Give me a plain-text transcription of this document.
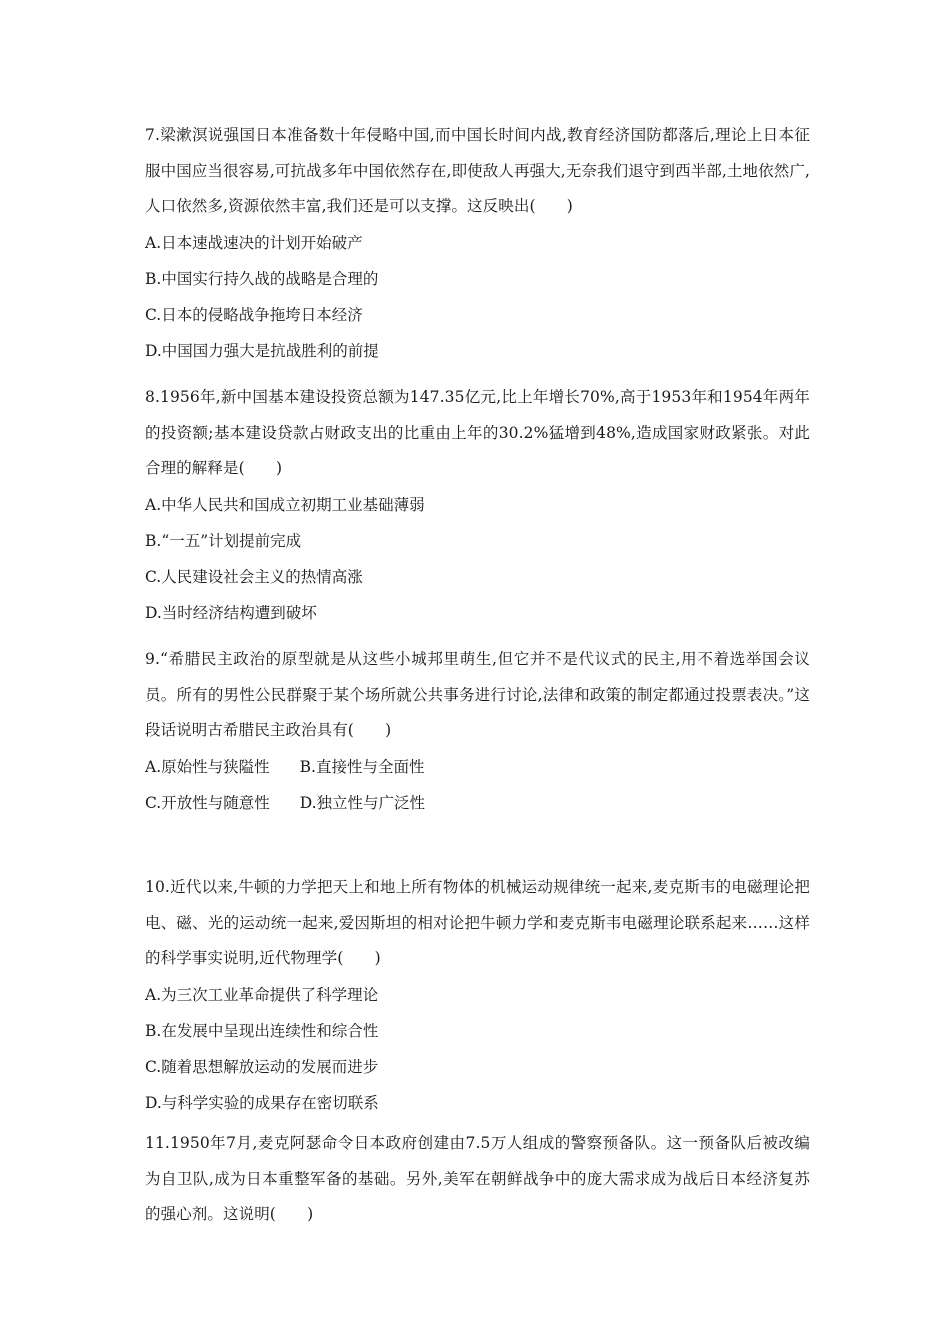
7.梁漱溟说强国日本准备数十年侵略中国,而中国长时间内战,教育经济国防都落后,理论上日本征服中国应当很容易,可抗战多年中国依然存在,即使敌人再强大,无奈我们退守到西半部,土地依然广,人口依然多,资源依然丰富,我们还是可以支撑。这反映出(　　)

A.日本速战速决的计划开始破产

B.中国实行持久战的战略是合理的

C.日本的侵略战争拖垮日本经济

D.中国国力强大是抗战胜利的前提

8.1956年,新中国基本建设投资总额为147.35亿元,比上年增长70%,高于1953年和1954年两年的投资额;基本建设贷款占财政支出的比重由上年的30.2%猛增到48%,造成国家财政紧张。对此合理的解释是(　　)

A.中华人民共和国成立初期工业基础薄弱

B.“一五”计划提前完成

C.人民建设社会主义的热情高涨

D.当时经济结构遭到破坏

9.“希腊民主政治的原型就是从这些小城邦里萌生,但它并不是代议式的民主,用不着选举国会议员。所有的男性公民群聚于某个场所就公共事务进行讨论,法律和政策的制定都通过投票表决。”这段话说明古希腊民主政治具有(　　)

A.原始性与狭隘性 B.直接性与全面性

C.开放性与随意性 D.独立性与广泛性

10.近代以来,牛顿的力学把天上和地上所有物体的机械运动规律统一起来,麦克斯韦的电磁理论把电、磁、光的运动统一起来,爱因斯坦的相对论把牛顿力学和麦克斯韦电磁理论联系起来……这样的科学事实说明,近代物理学(　　)

A.为三次工业革命提供了科学理论

B.在发展中呈现出连续性和综合性

C.随着思想解放运动的发展而进步

D.与科学实验的成果存在密切联系

11.1950年7月,麦克阿瑟命令日本政府创建由7.5万人组成的警察预备队。这一预备队后被改编为自卫队,成为日本重整军备的基础。另外,美军在朝鲜战争中的庞大需求成为战后日本经济复苏的强心剂。这说明(　　)
